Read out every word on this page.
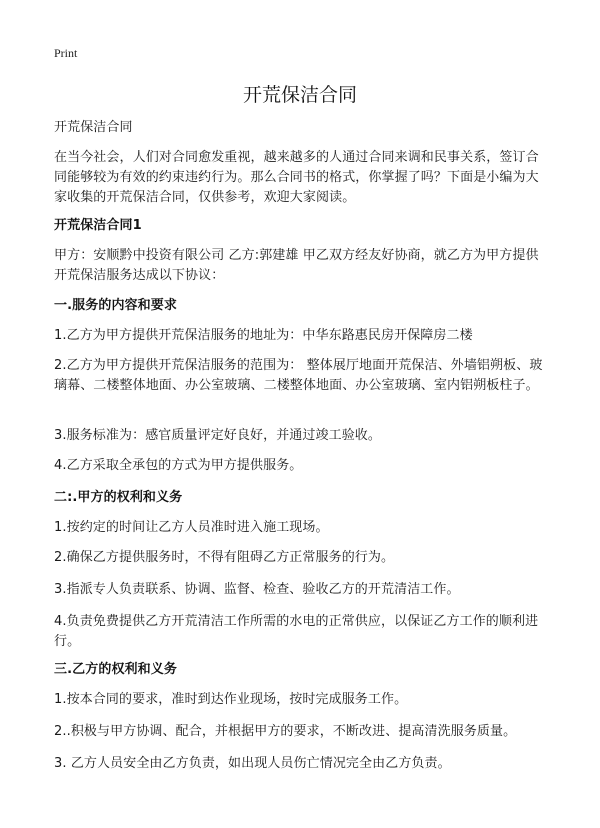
Print
开荒保洁合同

开荒保洁合同

在当今社会，人们对合同愈发重视，越来越多的人通过合同来调和民事关系，签订合同能够较为有效的约束违约行为。那么合同书的格式，你掌握了吗？下面是小编为大家收集的开荒保洁合同，仅供参考，欢迎大家阅读。

开荒保洁合同1

甲方：安顺黔中投资有限公司 乙方:郭建雄 甲乙双方经友好协商，就乙方为甲方提供开荒保洁服务达成以下协议：

一.服务的内容和要求

1.乙方为甲方提供开荒保洁服务的地址为：中华东路惠民房开保障房二楼

2.乙方为甲方提供开荒保洁服务的范围为： 整体展厅地面开荒保洁、外墙铝朔板、玻璃幕、二楼整体地面、办公室玻璃、二楼整体地面、办公室玻璃、室内铝朔板柱子。

3.服务标准为：感官质量评定好良好，并通过竣工验收。

4.乙方采取全承包的方式为甲方提供服务。

二:.甲方的权利和义务

1.按约定的时间让乙方人员准时进入施工现场。

2.确保乙方提供服务时，不得有阻碍乙方正常服务的行为。

3.指派专人负责联系、协调、监督、检查、验收乙方的开荒清洁工作。

4.负责免费提供乙方开荒清洁工作所需的水电的正常供应，以保证乙方工作的顺利进行。

三.乙方的权利和义务

1.按本合同的要求，准时到达作业现场，按时完成服务工作。

2..积极与甲方协调、配合，并根据甲方的要求，不断改进、提高清洗服务质量。

3. 乙方人员安全由乙方负责，如出现人员伤亡情况完全由乙方负责。
